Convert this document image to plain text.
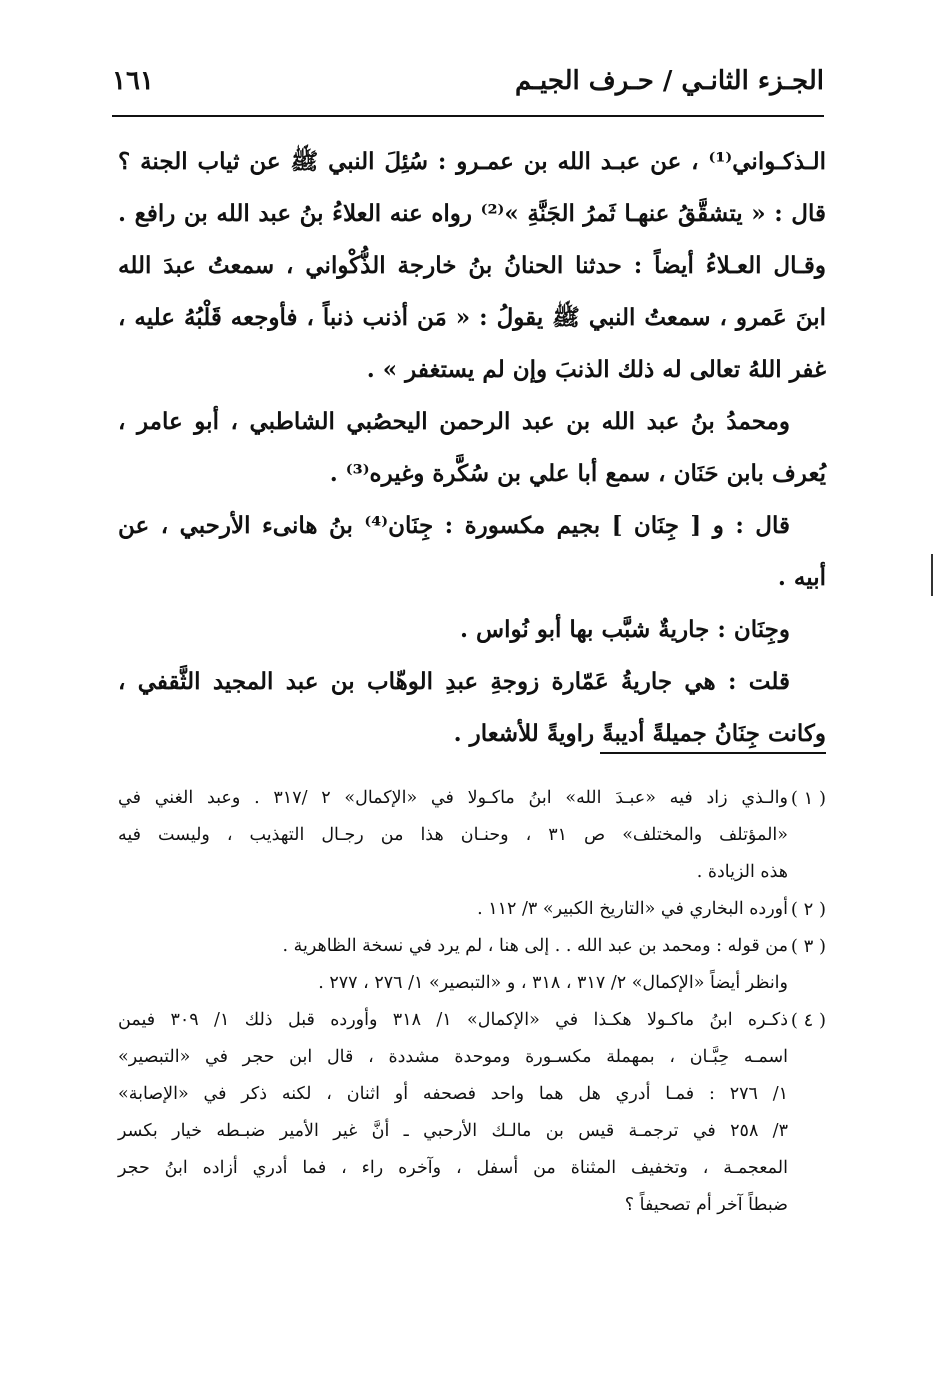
الجـزء الثانـي / حـرف الجيـم
١٦١
الـذكـواني⁽¹⁾ ، عن عبـد الله بن عمـرو : سُئِلَ النبي ﷺ عن ثياب الجنة ؟
قال : « يتشقَّقُ عنهـا ثَمرُ الجَنَّةِ »⁽²⁾ رواه عنه العلاءُ بنُ عبد الله بن رافع .
وقـال العـلاءُ أيضاً : حدثنا الحنانُ بنُ خارجة الذُّكْواني ، سمعتُ عبدَ الله
ابنَ عَمرو ، سمعتُ النبي ﷺ يقولُ : « مَن أذنب ذنباً ، فأوجعه قَلْبُهُ عليه ،
غفر اللهُ تعالى له ذلك الذنبَ وإن لم يستغفر » .
ومحمدُ بنُ عبد الله بن عبد الرحمن اليحصُبي الشاطبي ، أبو عامر ،
يُعرف بابن حَنَان ، سمع أبا علي بن سُكَّرة وغيره⁽³⁾ .
قال : و [ جِنَان ] بجيم مكسورة : جِنَان⁽⁴⁾ بنُ هانىء الأرحبي ، عن
أبيه .
وجِنَان : جاريةٌ شبَّب بها أبو نُواس .
قلت : هي جاريةُ عَمّارة زوجةِ عبدِ الوهّاب بن عبد المجيد الثَّقفي ،
وكانت جِنَانُ جميلةً أديبةً راويةً للأشعار .
( ١ )
والـذي زاد فيه «عبـدَ الله» ابنُ ماكـولا في «الإكمال» ٢ /٣١٧ . وعبد الغني في
«المؤتلف والمختلف» ص ٣١ ، وحنـان هذا من رجـال التهذيب ، وليست فيه
هذه الزيادة .
( ٢ )
أورده البخاري في «التاريخ الكبير» ٣/ ١١٢ .
( ٣ )
من قوله : ومحمد بن عبد الله . . إلى هنا ، لم يرد في نسخة الظاهرية .
وانظر أيضاً «الإكمال» ٢/ ٣١٧ ، ٣١٨ ، و «التبصير» ١/ ٢٧٦ ، ٢٧٧ .
( ٤ )
ذكـره ابنُ ماكـولا هكـذا في «الإكمال» ١/ ٣١٨ وأورده قبل ذلك ١/ ٣٠٩ فيمن
اسمـه حِبَّـان ، بمهملة مكسـورة وموحدة مشددة ، قال ابن حجر في «التبصير»
١/ ٢٧٦ : فمـا أدري هل هما واحد فصحفه أو اثنان ، لكنه ذكر في «الإصابة»
٣/ ٢٥٨ في ترجمـة قيس بن مالـك الأرحبي ـ أنَّ غير الأمير ضبـطه خيار بكسر
المعجمـة ، وتخفيف المثناة من أسفل ، وآخره راء ، فما أدري أزاده ابنُ حجر
ضبطاً آخر أم تصحيفاً ؟
